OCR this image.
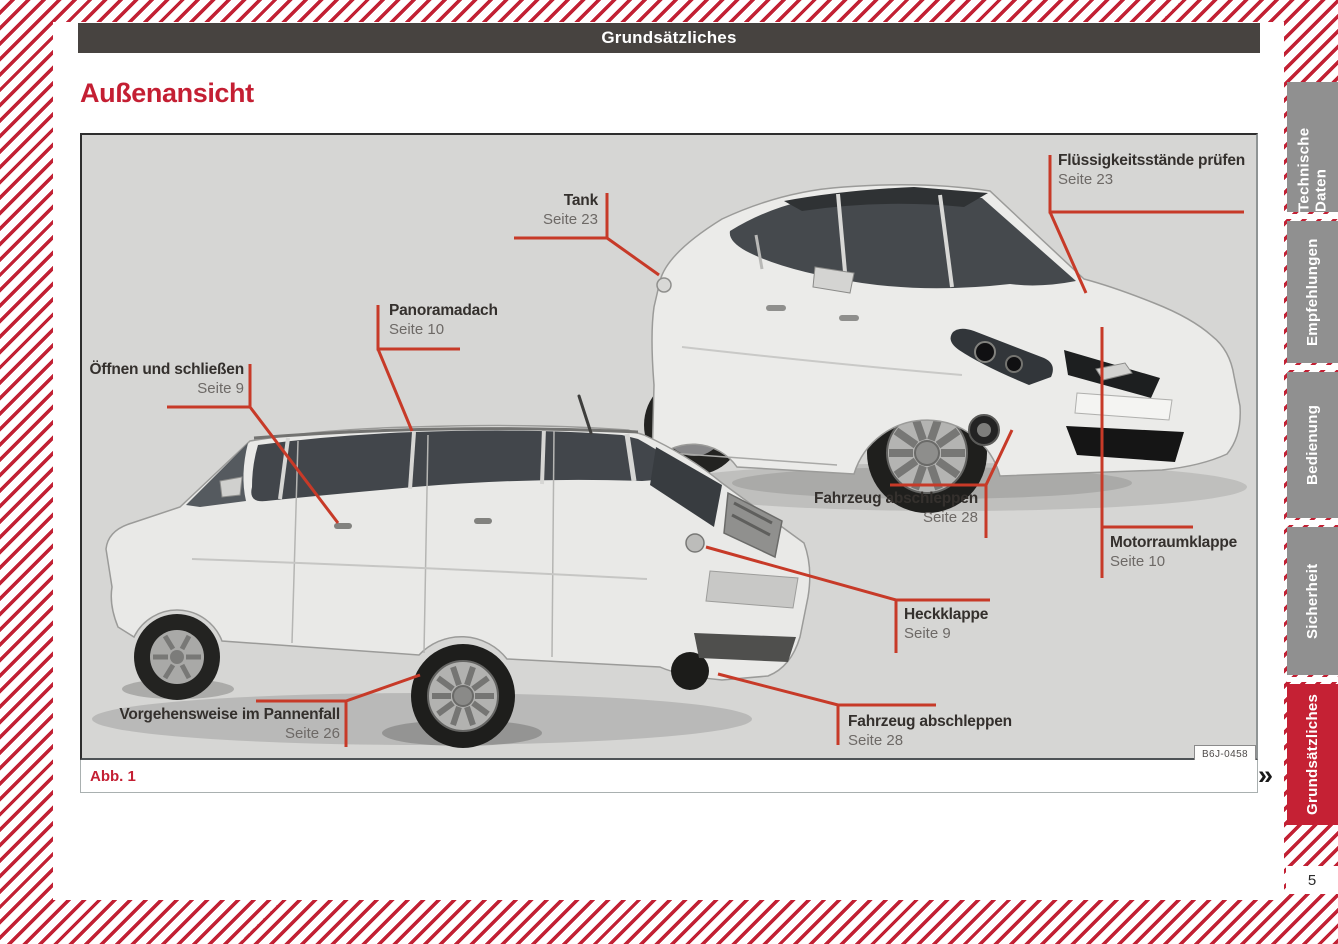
Grundsätzliches
Außenansicht
Tank
Seite 23
Flüssigkeitsstände prüfen
Seite 23
Panoramadach
Seite 10
Öffnen und schließen
Seite 9
Fahrzeug abschleppen
Seite 28
Motorraumklappe
Seite 10
Heckklappe
Seite 9
Fahrzeug abschleppen
Seite 28
Vorgehensweise im Pannenfall
Seite 26
B6J-0458
Abb. 1	»
Technische Daten
Empfehlungen
Bedienung
Sicherheit
Grundsätzliches
5
